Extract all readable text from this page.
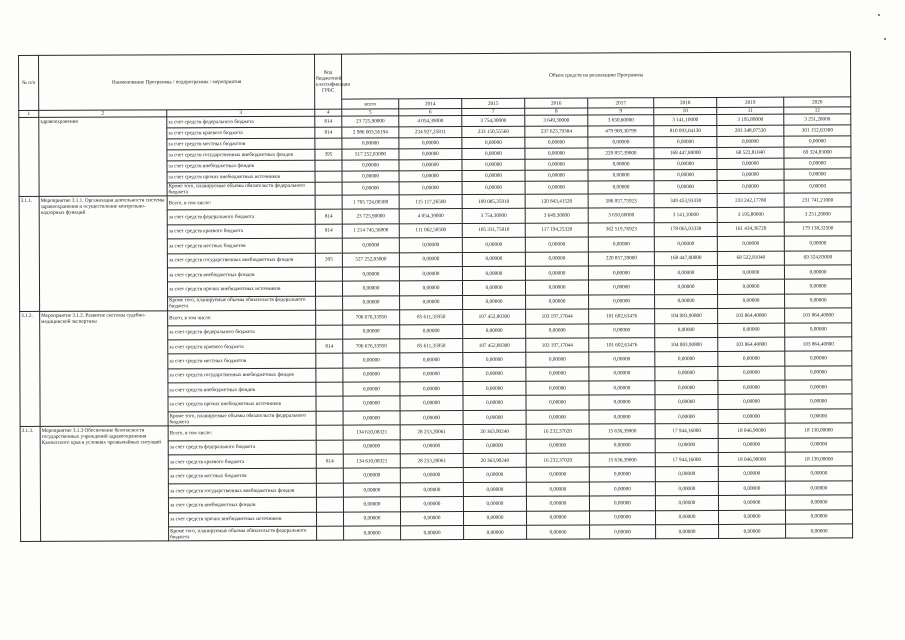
№ п/п	Наименование Программы / подпрограммы / мероприятия		Код бюджетной классификации ГРБС	Объем средств на реализацию Программы							
				всего	2014	2015	2016	2017	2018	2019	2020
1	2	3	4	5	6	7	8	9	10	11	12
	здравоохранения	за счет средств федерального бюджета	814	23 725,90000	4 054,39000	3 754,30000	3 649,30000	3 650,60000	3 141,10000	3 195,80000	3 251,20000
		за счет средств краевого бюджета	814	2 986 003,56194	234 927,25811	233 150,55560	237 623,79384	479 969,30799	810 093,04130	283 348,07530	301 152,63300
		за счет средств местных бюджетов		0,00000	0,00000	0,00000	0,00000	0,00000	0,00000	0,00000	0,00000
		за счет средств государственных внебюджетных фондов	395	517 252,83000	0,00000	0,00000	0,00000	220 857,39000	168 447,80000	68 522,81040	69 324,83000
		за счет средств внебюджетных фондов		0,00000	0,00000	0,00000	0,00000	0,00000	0,00000	0,00000	0,00000
		за счет средств прочих внебюджетных источников		0,00000	0,00000	0,00000	0,00000	0,00000	0,00000	0,00000	0,00000
		Кроме того, планируемые объемы обязательств федерального бюджета		0,00000	0,00000	0,00000	0,00000	0,00000	0,00000	0,00000	0,00000
3.1.1.	Мероприятие 3.1.1. Организация деятельности системы здравоохранения и осуществление контрольно-надзорных функций	Всего, в том числе:		1 765 724,00300	115 117,26500	109 085,35910	120 843,41520	586 057,75923	349 453,93330	233 242,17780	231 741,21000
		за счет средств федерального бюджета	814	23 725,90000	4 054,39000	3 754,30000	3 649,30000	3 650,60000	3 141,10000	3 195,80000	3 251,20000
		за счет средств краевого бюджета	814	1 214 745,56800	111 062,50500	105 331,75910	117 194,25320	362 519,76923	178 065,03330	161 434,36720	179 138,32500
		за счет средств местных бюджетов		0,00000	0,00000	0,00000	0,00000	0,00000	0,00000	0,00000	0,00000
		за счет средств государственных внебюджетных фондов	395	527 252,83000	0,00000	0,00000	0,00000	220 857,39000	168 447,80000	68 522,81040	69 324,83000
		за счет средств внебюджетных фондов		0,00000	0,00000	0,00000	0,00000	0,00000	0,00000	0,00000	0,00000
		за счет средств прочих внебюджетных источников		0,00000	0,00000	0,00000	0,00000	0,00000	0,00000	0,00000	0,00000
		Кроме того, планируемые объемы обязательств федерального бюджета		0,00000	0,00000	0,00000	0,00000	0,00000	0,00000	0,00000	0,00000
3.1.2.	Мероприятие 3.1.2. Развитие системы судебно-медицинской экспертизы	Всего, в том числе:		706 676,33950	85 611,35950	107 452,80300	103 197,17044	101 602,63476	104 083,90800	103 864,40800	103 864,40800
		за счет средств федерального бюджета		0,00000	0,00000	0,00000	0,00000	0,00000	0,00000	0,00000	0,00000
		за счет средств краевого бюджета	814	706 676,33950	85 611,35950	107 452,80300	103 197,17044	101 602,63476	104 083,90800	103 864,40800	103 864,40800
		за счет средств местных бюджетов		0,00000	0,00000	0,00000	0,00000	0,00000	0,00000	0,00000	0,00000
		за счет средств государственных внебюджетных фондов		0,00000	0,00000	0,00000	0,00000	0,00000	0,00000	0,00000	0,00000
		за счет средств внебюджетных фондов		0,00000	0,00000	0,00000	0,00000	0,00000	0,00000	0,00000	0,00000
		за счет средств прочих внебюджетных источников		0,00000	0,00000	0,00000	0,00000	0,00000	0,00000	0,00000	0,00000
		Кроме того, планируемые объемы обязательств федерального бюджета		0,00000	0,00000	0,00000	0,00000	0,00000	0,00000	0,00000	0,00000
3.1.3.	Мероприятие 3.1.3 Обеспечение безопасности государственных учреждений здравоохранения Камчатского края в условиях чрезвычайных ситуаций	Всего, в том числе:		134 610,08321	28 253,20061	20 363,90240	16 232,37020	15 636,39000	17 944,16000	18 046,90000	18 130,00000
		за счет средств федерального бюджета		0,00000	0,00000	0,00000	0,00000	0,00000	0,00000	0,00000	0,00000
		за счет средств краевого бюджета	814	134 610,08321	28 253,20061	20 363,90240	16 232,37020	15 636,39000	17 944,16000	18 046,90000	18 130,00000
		за счет средств местных бюджетов		0,00000	0,00000	0,00000	0,00000	0,00000	0,00000	0,00000	0,00000
		за счет средств государственных внебюджетных фондов		0,00000	0,00000	0,00000	0,00000	0,00000	0,00000	0,00000	0,00000
		за счет средств внебюджетных фондов		0,00000	0,00000	0,00000	0,00000	0,00000	0,00000	0,00000	0,00000
		за счет средств прочих внебюджетных источников		0,00000	0,00000	0,00000	0,00000	0,00000	0,00000	0,00000	0,00000
		Кроме того, планируемые объемы обязательств федерального бюджета		0,00000	0,00000	0,00000	0,00000	0,00000	0,00000	0,00000	0,00000
